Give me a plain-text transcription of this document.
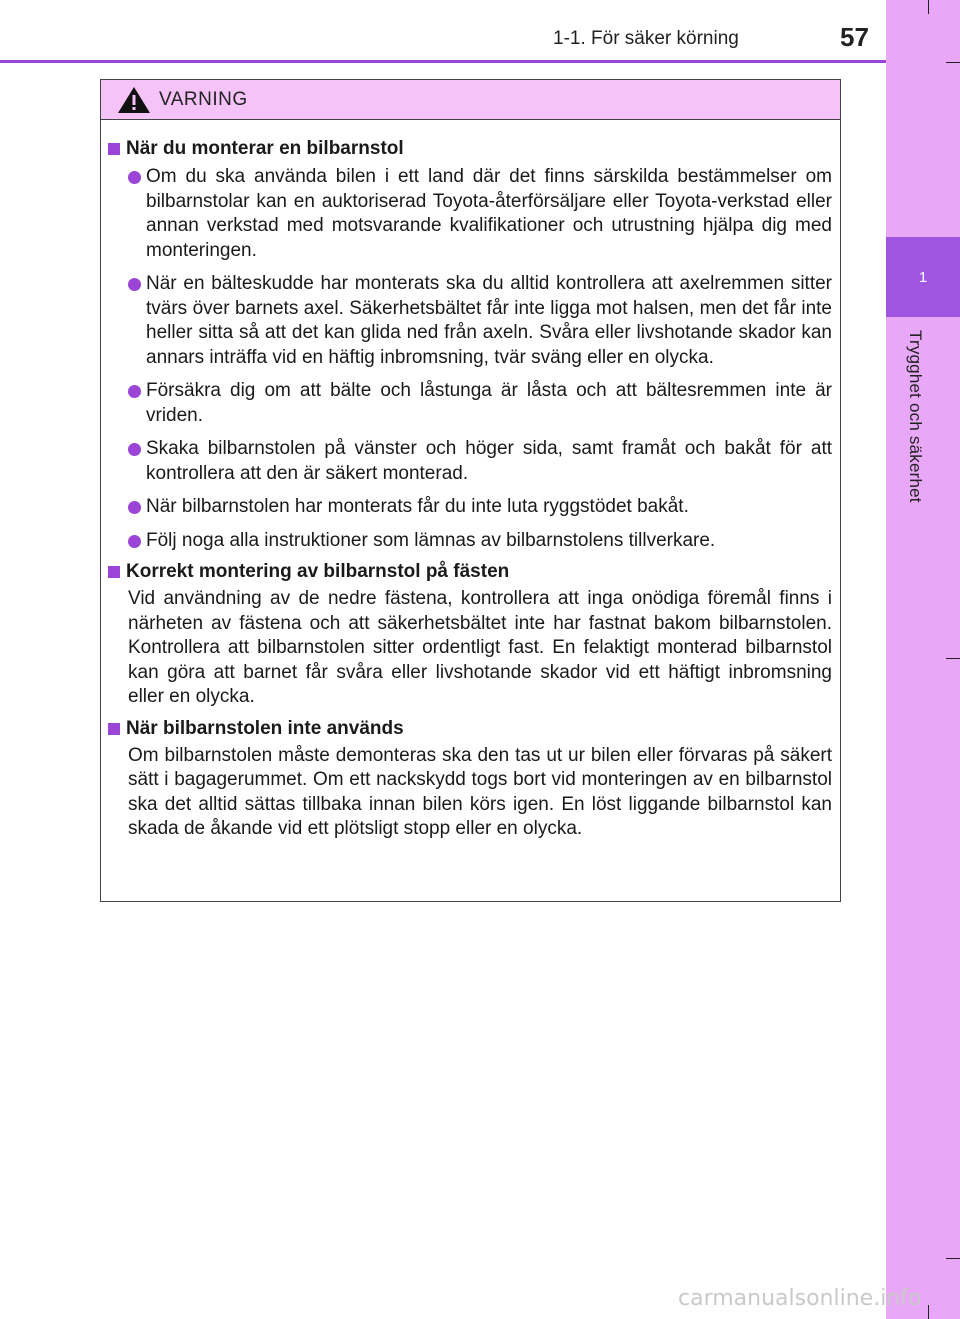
1-1. För säker körning	57
1
Trygghet och säkerhet
VARNING
När du monterar en bilbarnstol
Om du ska använda bilen i ett land där det finns särskilda bestämmelser om bilbarnstolar kan en auktoriserad Toyota-återförsäljare eller Toyota-verkstad eller annan verkstad med motsvarande kvalifikationer och utrustning hjälpa dig med monteringen.
När en bälteskudde har monterats ska du alltid kontrollera att axelremmen sitter tvärs över barnets axel. Säkerhetsbältet får inte ligga mot halsen, men det får inte heller sitta så att det kan glida ned från axeln. Svåra eller livshotande skador kan annars inträffa vid en häftig inbromsning, tvär sväng eller en olycka.
Försäkra dig om att bälte och låstunga är låsta och att bältesremmen inte är vriden.
Skaka bilbarnstolen på vänster och höger sida, samt framåt och bakåt för att kontrollera att den är säkert monterad.
När bilbarnstolen har monterats får du inte luta ryggstödet bakåt.
Följ noga alla instruktioner som lämnas av bilbarnstolens tillverkare.
Korrekt montering av bilbarnstol på fästen
Vid användning av de nedre fästena, kontrollera att inga onödiga föremål finns i närheten av fästena och att säkerhetsbältet inte har fastnat bakom bilbarnstolen. Kontrollera att bilbarnstolen sitter ordentligt fast. En felaktigt monterad bilbarnstol kan göra att barnet får svåra eller livshotande skador vid ett häftigt inbromsning eller en olycka.
När bilbarnstolen inte används
Om bilbarnstolen måste demonteras ska den tas ut ur bilen eller förvaras på säkert sätt i bagagerummet. Om ett nackskydd togs bort vid monteringen av en bilbarnstol ska det alltid sättas tillbaka innan bilen körs igen. En löst liggande bilbarnstol kan skada de åkande vid ett plötsligt stopp eller en olycka.
carmanualsonline.info
